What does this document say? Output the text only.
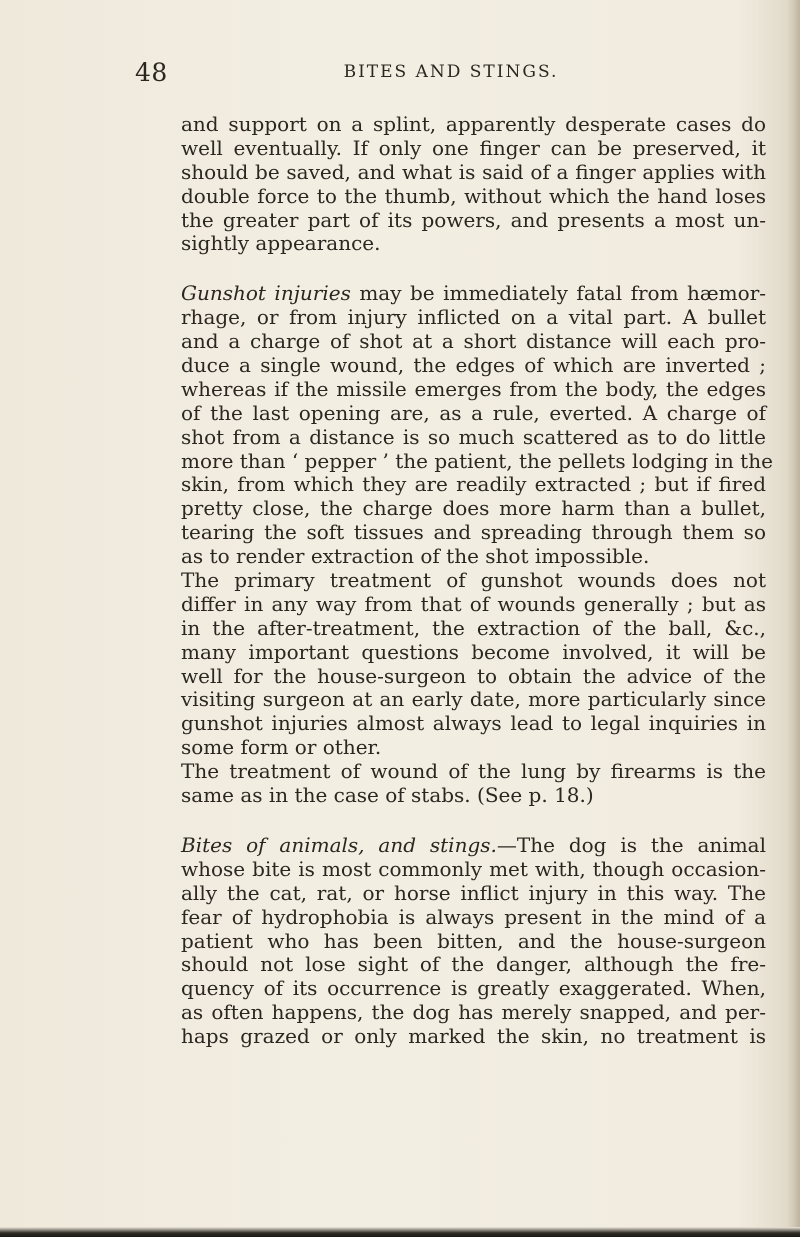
48	BITES AND STINGS.
and support on a splint, apparently desperate cases do
well eventually. If only one finger can be preserved, it
should be saved, and what is said of a finger applies with
double force to the thumb, without which the hand loses
the greater part of its powers, and presents a most un-
sightly appearance.
Gunshot injuries may be immediately fatal from hæmor-
rhage, or from injury inflicted on a vital part. A bullet
and a charge of shot at a short distance will each pro-
duce a single wound, the edges of which are inverted ;
whereas if the missile emerges from the body, the edges
of the last opening are, as a rule, everted. A charge of
shot from a distance is so much scattered as to do little
more than ‘ pepper ’ the patient, the pellets lodging in the
skin, from which they are readily extracted ; but if fired
pretty close, the charge does more harm than a bullet,
tearing the soft tissues and spreading through them so
as to render extraction of the shot impossible.
The primary treatment of gunshot wounds does not
differ in any way from that of wounds generally ; but as
in the after-treatment, the extraction of the ball, &c.,
many important questions become involved, it will be
well for the house-surgeon to obtain the advice of the
visiting surgeon at an early date, more particularly since
gunshot injuries almost always lead to legal inquiries in
some form or other.
The treatment of wound of the lung by firearms is the
same as in the case of stabs. (See p. 18.)
Bites of animals, and stings.—The dog is the animal
whose bite is most commonly met with, though occasion-
ally the cat, rat, or horse inflict injury in this way. The
fear of hydrophobia is always present in the mind of a
patient who has been bitten, and the house-surgeon
should not lose sight of the danger, although the fre-
quency of its occurrence is greatly exaggerated. When,
as often happens, the dog has merely snapped, and per-
haps grazed or only marked the skin, no treatment is
